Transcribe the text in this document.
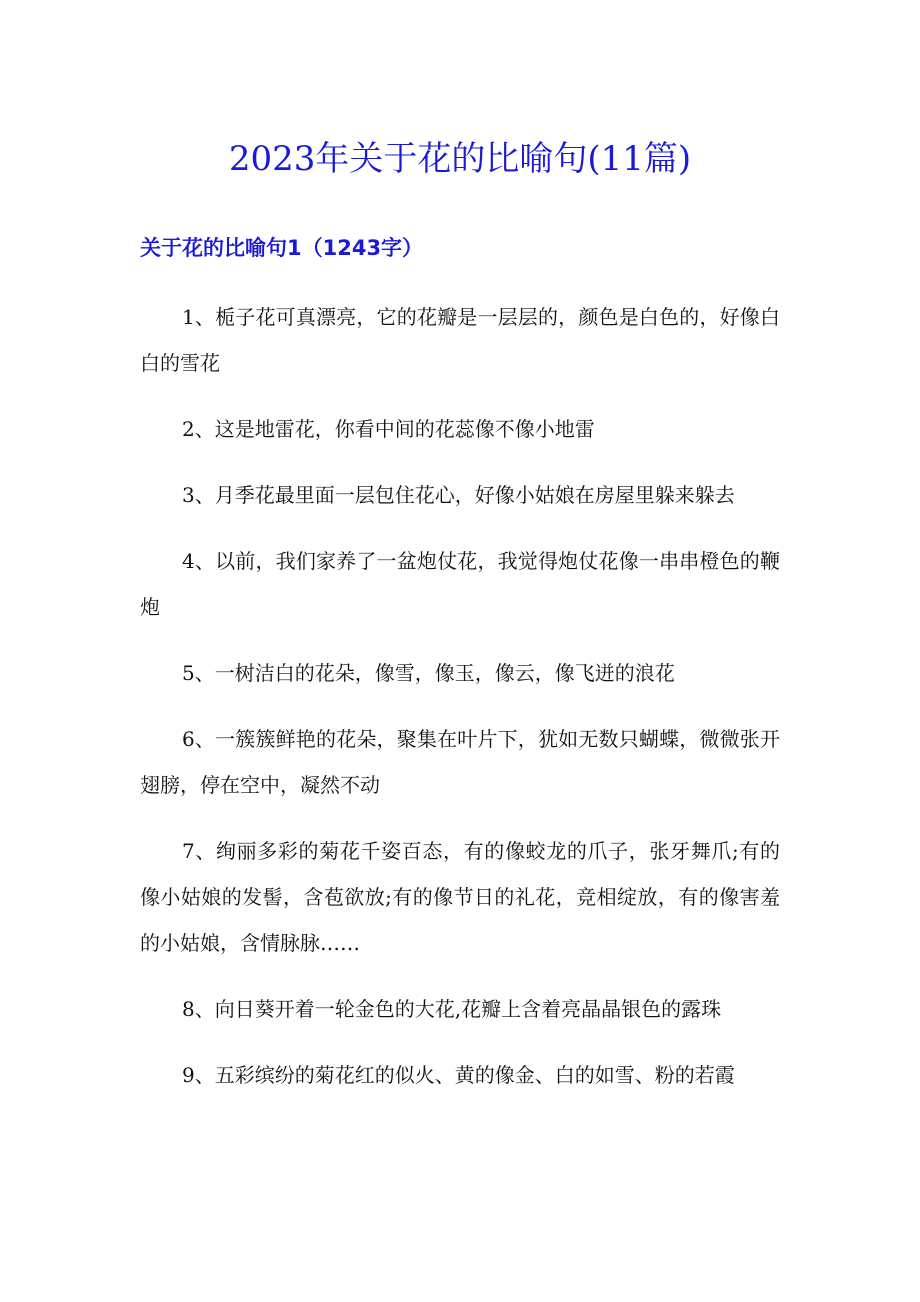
2023年关于花的比喻句(11篇)
关于花的比喻句1（1243字）

1、栀子花可真漂亮，它的花瓣是一层层的，颜色是白色的，好像白白的雪花

2、这是地雷花，你看中间的花蕊像不像小地雷

3、月季花最里面一层包住花心，好像小姑娘在房屋里躲来躲去

4、以前，我们家养了一盆炮仗花，我觉得炮仗花像一串串橙色的鞭炮

5、一树洁白的花朵，像雪，像玉，像云，像飞迸的浪花

6、一簇簇鲜艳的花朵，聚集在叶片下，犹如无数只蝴蝶，微微张开翅膀，停在空中，凝然不动

7、绚丽多彩的菊花千姿百态，有的像蛟龙的爪子，张牙舞爪;有的像小姑娘的发髻，含苞欲放;有的像节日的礼花，竞相绽放，有的像害羞的小姑娘，含情脉脉……

8、向日葵开着一轮金色的大花,花瓣上含着亮晶晶银色的露珠

9、五彩缤纷的菊花红的似火、黄的像金、白的如雪、粉的若霞
